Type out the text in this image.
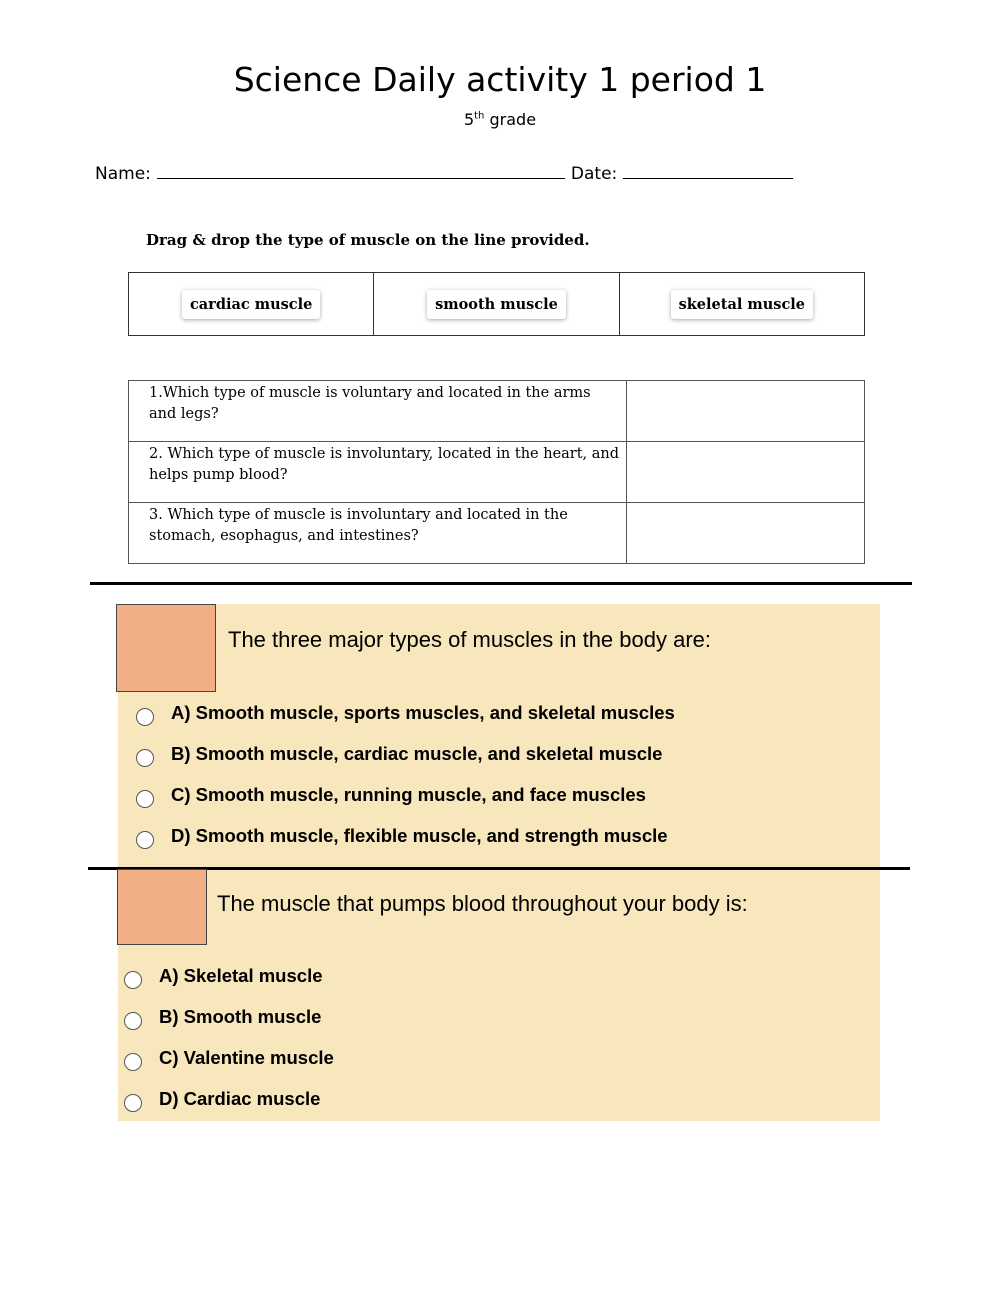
Science Daily activity 1 period 1
5th grade
Name:	Date:
Drag & drop the type of muscle on the line provided.
cardiac muscle	smooth muscle	skeletal muscle
1.Which type of muscle is voluntary and located in the arms and legs?	
2. Which type of muscle is involuntary, located in the heart, and helps pump blood?	
3. Which type of muscle is involuntary and located in the stomach, esophagus, and intestines?	
The three major types of muscles in the body are:
A) Smooth muscle, sports muscles, and skeletal muscles
B) Smooth muscle, cardiac muscle, and skeletal muscle
C) Smooth muscle, running muscle, and face muscles
D) Smooth muscle, flexible muscle, and strength muscle
The muscle that pumps blood throughout your body is:
A) Skeletal muscle
B) Smooth muscle
C) Valentine muscle
D) Cardiac muscle
